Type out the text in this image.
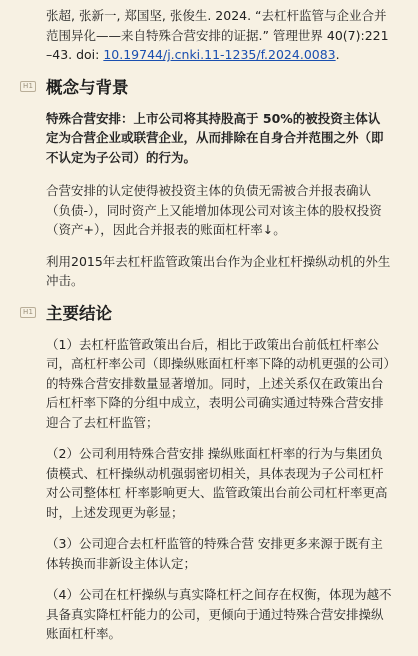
张超, 张新一, 郑国坚, 张俊生. 2024. “去杠杆监管与企业合并范围异化——来自特殊合营安排的证据.” 管理世界 40(7):221–43. doi: 10.19744/j.cnki.11-1235/f.2024.0083.

H1 概念与背景

特殊合营安排：上市公司将其持股高于 50%的被投资主体认定为合营企业或联营企业，从而排除在自身合并范围之外（即不认定为子公司）的行为。

合营安排的认定使得被投资主体的负债无需被合并报表确认（负债-），同时资产上又能增加体现公司对该主体的股权投资（资产+），因此合并报表的账面杠杆率↓。

利用2015年去杠杆监管政策出台作为企业杠杆操纵动机的外生冲击。

H1 主要结论

（1）去杠杆监管政策出台后，相比于政策出台前低杠杆率公司，高杠杆率公司（即操纵账面杠杆率下降的动机更强的公司）的特殊合营安排数量显著增加。同时，上述关系仅在政策出台 后杠杆率下降的分组中成立，表明公司确实通过特殊合营安排迎合了去杠杆监管；

（2）公司利用特殊合营安排 操纵账面杠杆率的行为与集团负债模式、杠杆操纵动机强弱密切相关，具体表现为子公司杠杆对公司整体杠 杆率影响更大、监管政策出台前公司杠杆率更高时，上述发现更为彰显；

（3）公司迎合去杠杆监管的特殊合营 安排更多来源于既有主体转换而非新设主体认定；

（4）公司在杠杆操纵与真实降杠杆之间存在权衡，体现为越不具备真实降杠杆能力的公司，更倾向于通过特殊合营安排操纵账面杠杆率。
